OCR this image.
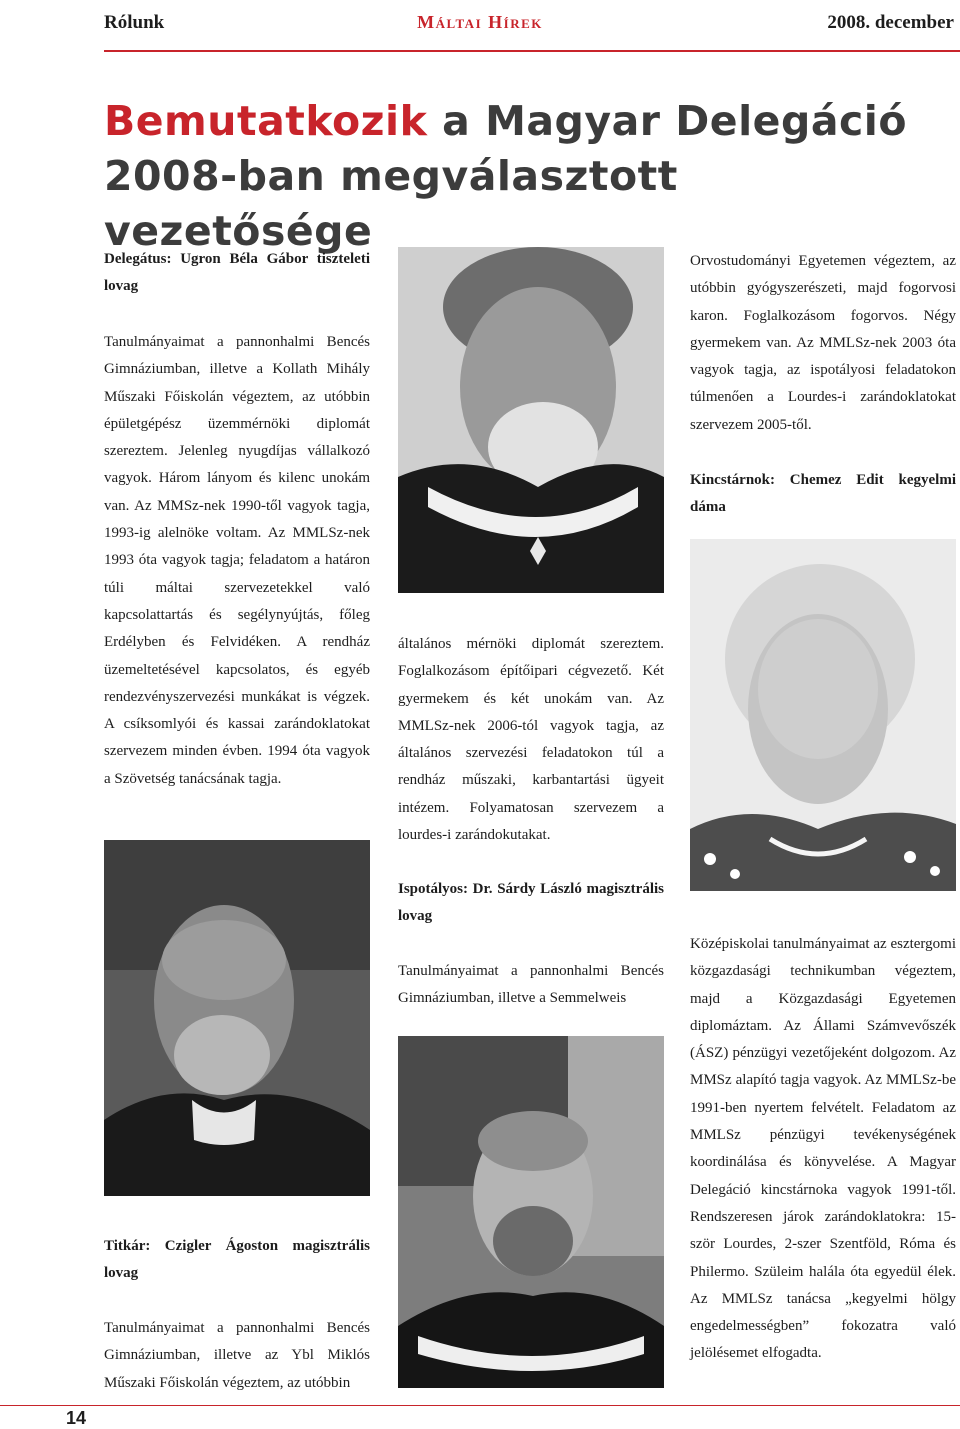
Rólunk	Máltai Hírek	2008. december
Bemutatkozik a Magyar Delegáció
2008-ban megválasztott vezetősége

Delegátus: Ugron Béla Gábor tiszteleti lovag

Tanulmányaimat a pannonhalmi Bencés Gimnáziumban, illetve a Kollath Mihály Műszaki Főiskolán végeztem, az utóbbin épületgépész üzemmérnöki diplomát szereztem. Jelenleg nyugdíjas vállalkozó vagyok. Három lányom és kilenc unokám van. Az MMSz-nek 1990-től vagyok tagja, 1993-ig alelnöke voltam. Az MMLSz-nek 1993 óta vagyok tagja; feladatom a határon túli máltai szervezetekkel való kapcsolattartás és segélynyújtás, főleg Erdélyben és Felvidéken. A rendház üzemeltetésével kapcsolatos, és egyéb rendezvényszervezési munkákat is végzek. A csíksomlyói és kassai zarándoklatokat szervezem minden évben. 1994 óta vagyok a Szövetség tanácsának tagja.

Titkár: Czigler Ágoston magisztrális lovag

Tanulmányaimat a pannonhalmi Bencés Gimnáziumban, illetve az Ybl Miklós Műszaki Főiskolán végeztem, az utóbbin

általános mérnöki diplomát szereztem. Foglalkozásom építőipari cégvezető. Két gyermekem és két unokám van. Az MMLSz-nek 2006-tól vagyok tagja, az általános szervezési feladatokon túl a rendház műszaki, karbantartási ügyeit intézem. Folyamatosan szervezem a lourdes-i zarándokutakat.

Ispotályos: Dr. Sárdy László magisztrális lovag

Tanulmányaimat a pannonhalmi Bencés Gimnáziumban, illetve a Semmelweis

Orvostudományi Egyetemen végeztem, az utóbbin gyógyszerészeti, majd fogorvosi karon. Foglalkozásom fogorvos. Négy gyermekem van. Az MMLSz-nek 2003 óta vagyok tagja, az ispotályosi feladatokon túlmenően a Lourdes-i zarándoklatokat szervezem 2005-től.

Kincstárnok: Chemez Edit kegyelmi dáma

Középiskolai tanulmányaimat az esztergomi közgazdasági technikumban végeztem, majd a Közgazdasági Egyetemen diplomáztam. Az Állami Számvevőszék (ÁSZ) pénzügyi vezetőjeként dolgozom. Az MMSz alapító tagja vagyok. Az MMLSz-be 1991-ben nyertem felvételt. Feladatom az MMLSz pénzügyi tevékenységének koordinálása és könyvelése. A Magyar Delegáció kincstárnoka vagyok 1991-től. Rendszeresen járok zarándoklatokra: 15-ször Lourdes, 2-szer Szentföld, Róma és Philermo. Szüleim halála óta egyedül élek. Az MMLSz tanácsa „kegyelmi hölgy engedelmességben” fokozatra való jelölésemet elfogadta.

14
